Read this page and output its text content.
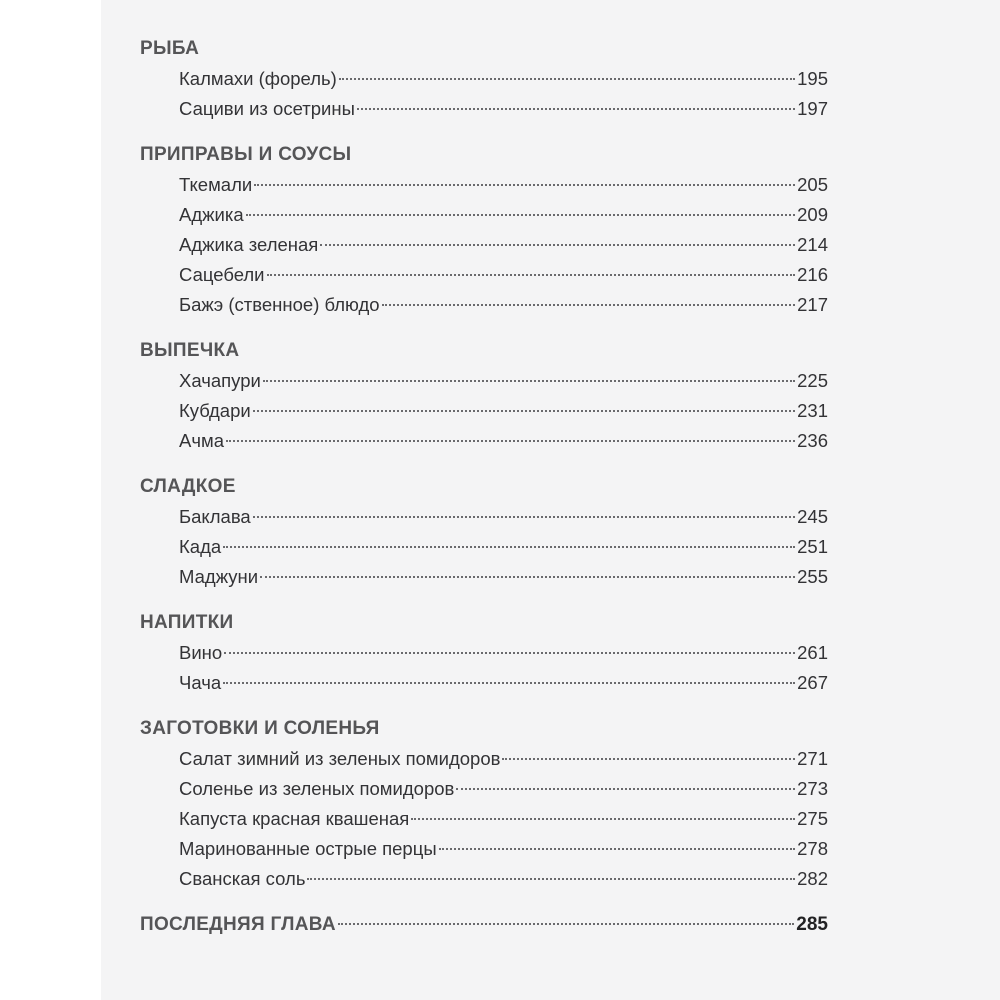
РЫБА
Калмахи (форель)	195
Сациви из осетрины	197
ПРИПРАВЫ И СОУСЫ
Ткемали	205
Аджика	209
Аджика зеленая	214
Сацебели	216
Бажэ (ственное) блюдо	217
ВЫПЕЧКА
Хачапури	225
Кубдари	231
Ачма	236
СЛАДКОЕ
Баклава	245
Када	251
Маджуни	255
НАПИТКИ
Вино	261
Чача	267
ЗАГОТОВКИ И СОЛЕНЬЯ
Салат зимний из зеленых помидоров	271
Соленье из зеленых помидоров	273
Капуста красная квашеная	275
Маринованные острые перцы	278
Сванская соль	282
ПОСЛЕДНЯЯ ГЛАВА	285
